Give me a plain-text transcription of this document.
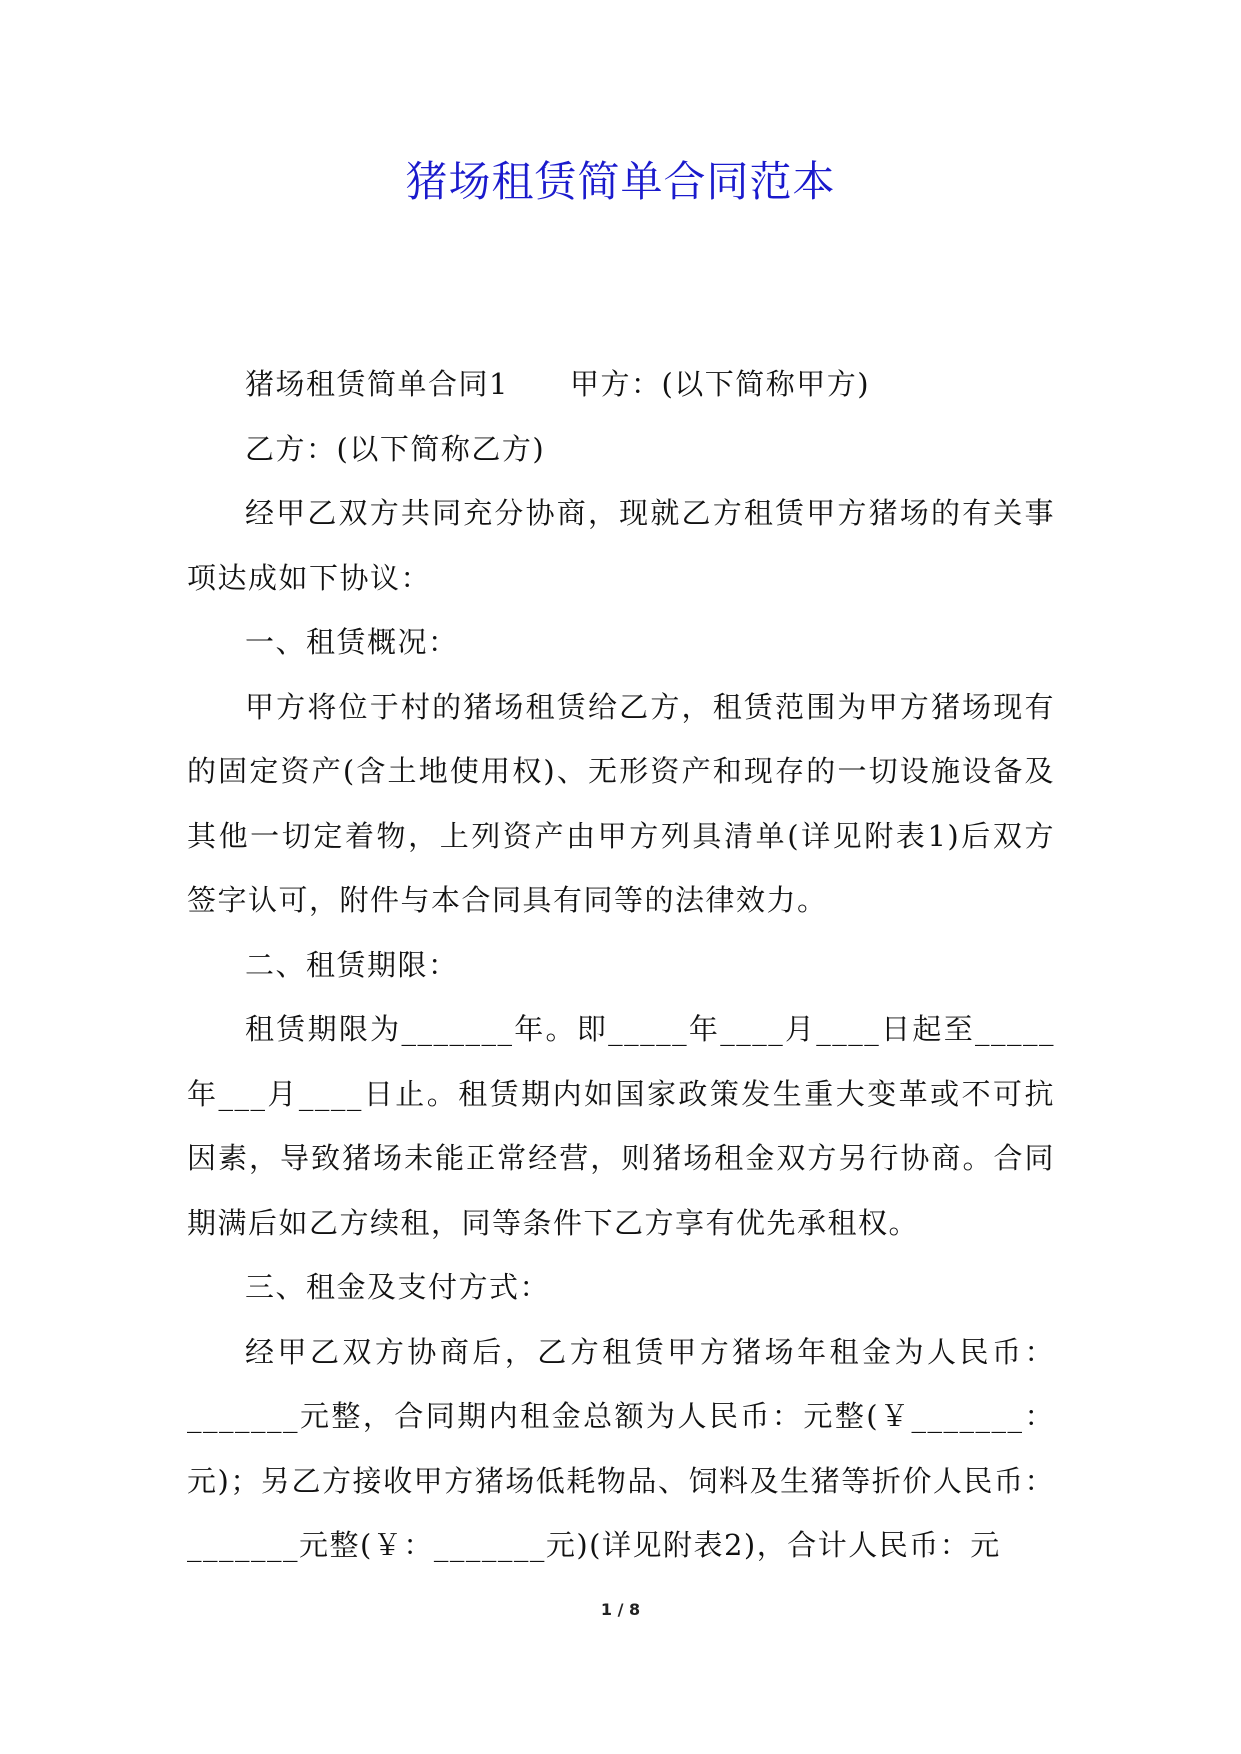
猪场租赁简单合同范本

猪场租赁简单合同1　　甲方：(以下简称甲方)

乙方：(以下简称乙方)

经甲乙双方共同充分协商，现就乙方租赁甲方猪场的有关事项达成如下协议：

一、租赁概况：

甲方将位于村的猪场租赁给乙方，租赁范围为甲方猪场现有的固定资产(含土地使用权)、无形资产和现存的一切设施设备及其他一切定着物，上列资产由甲方列具清单(详见附表1)后双方签字认可，附件与本合同具有同等的法律效力。

二、租赁期限：

租赁期限为_______年。即_____年____月____日起至_____年___月____日止。租赁期内如国家政策发生重大变革或不可抗因素，导致猪场未能正常经营，则猪场租金双方另行协商。合同期满后如乙方续租，同等条件下乙方享有优先承租权。

三、租金及支付方式：

经甲乙双方协商后，乙方租赁甲方猪场年租金为人民币：_______元整，合同期内租金总额为人民币：元整(￥_______：元)；另乙方接收甲方猪场低耗物品、饲料及生猪等折价人民币：_______元整(￥：_______元)(详见附表2)，合计人民币：元

1 / 8
